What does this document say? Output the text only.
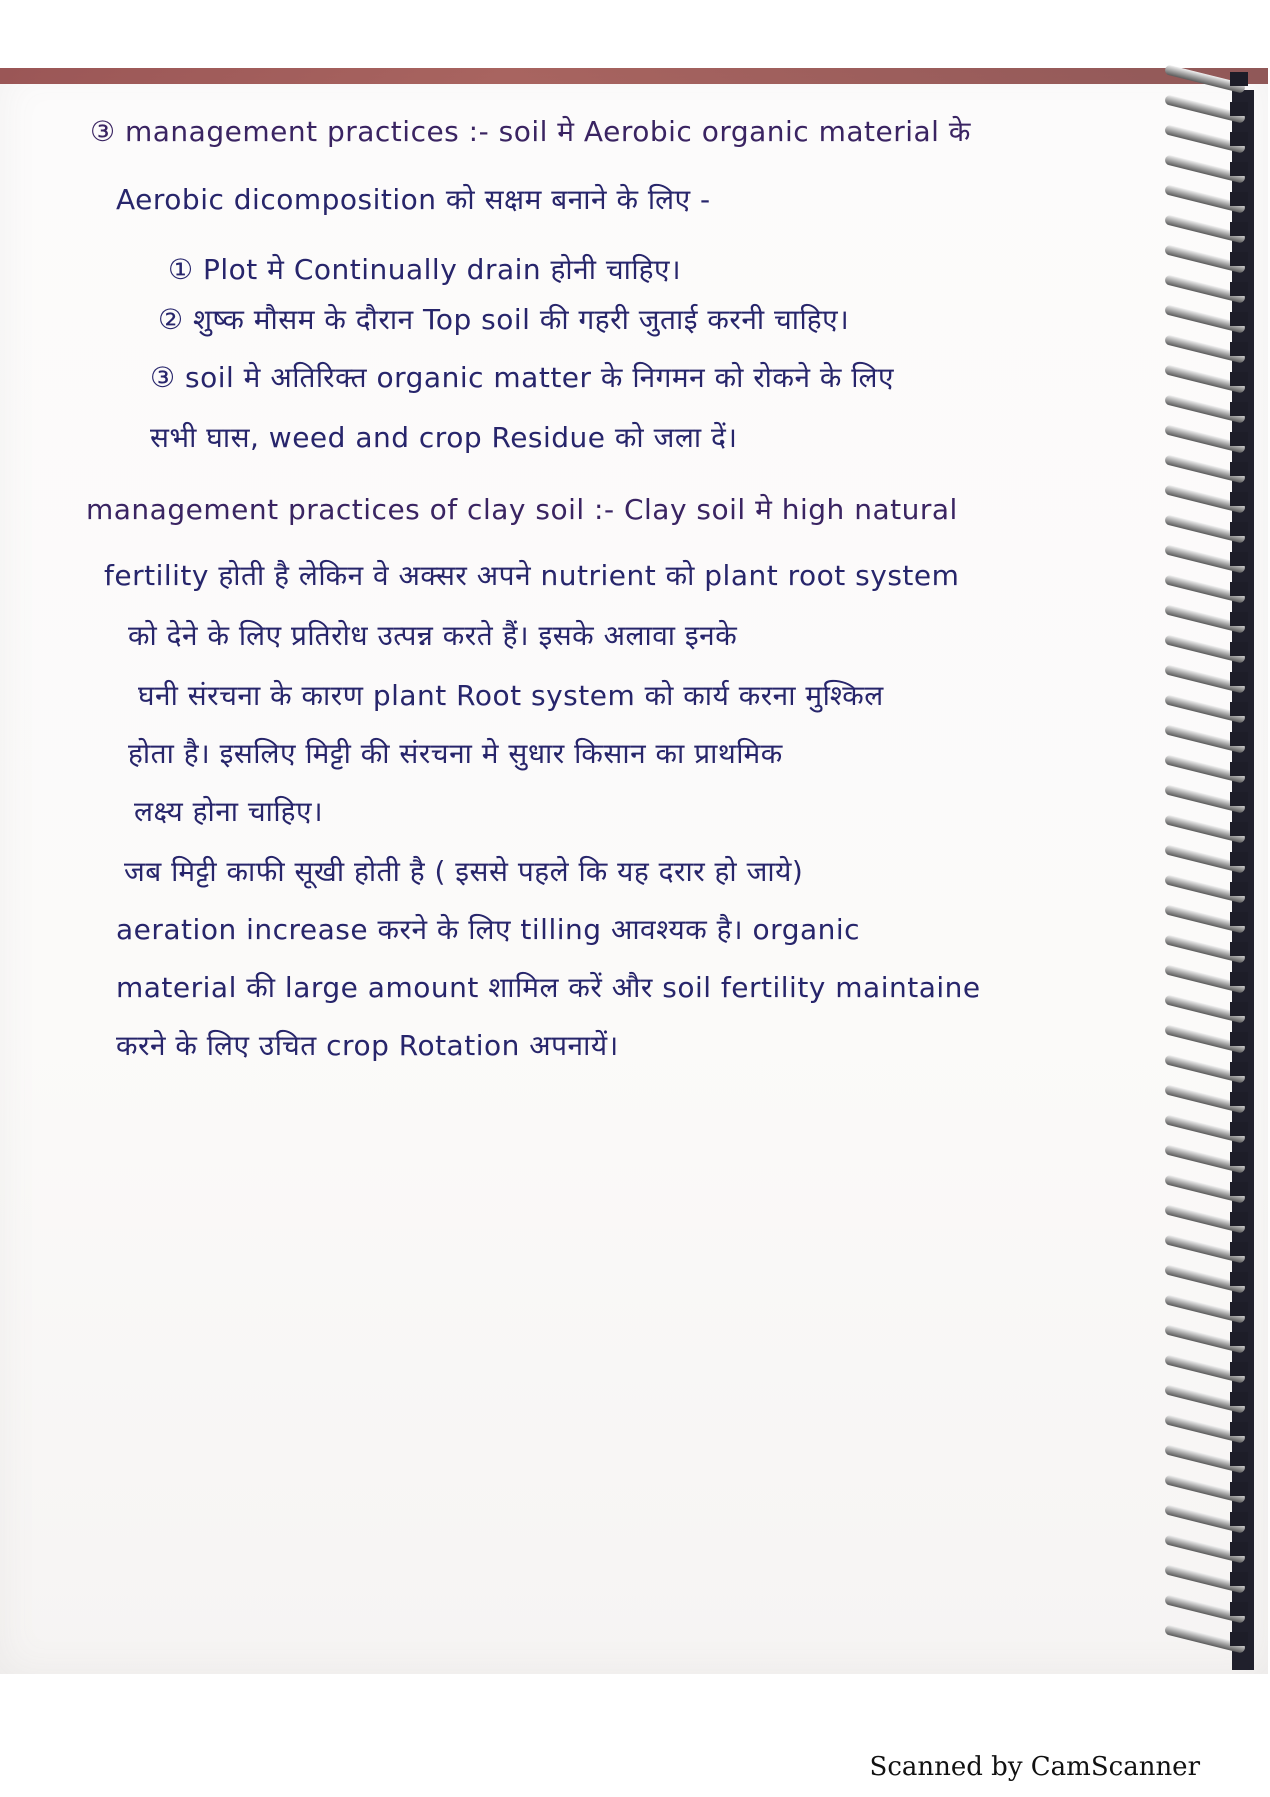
③ management practices :- soil मे Aerobic organic material के
Aerobic dicomposition को सक्षम बनाने के लिए -
① Plot मे Continually drain होनी चाहिए।
② शुष्क मौसम के दौरान Top soil की गहरी जुताई करनी चाहिए।
③ soil मे अतिरिक्त organic matter के निगमन को रोकने के लिए
सभी घास, weed and crop Residue को जला दें।
management practices of clay soil :- Clay soil मे high natural
fertility होती है लेकिन वे अक्सर अपने nutrient को plant root system
को देने के लिए प्रतिरोध उत्पन्न करते हैं। इसके अलावा इनके
घनी संरचना के कारण plant Root system को कार्य करना मुश्किल
होता है। इसलिए मिट्टी की संरचना मे सुधार किसान का प्राथमिक
लक्ष्य होना चाहिए।
जब मिट्टी काफी सूखी होती है ( इससे पहले कि यह दरार हो जाये)
aeration increase करने के लिए tilling आवश्यक है। organic
material की large amount शामिल करें और soil fertility maintaine
करने के लिए उचित crop Rotation अपनायें।
Scanned by CamScanner
